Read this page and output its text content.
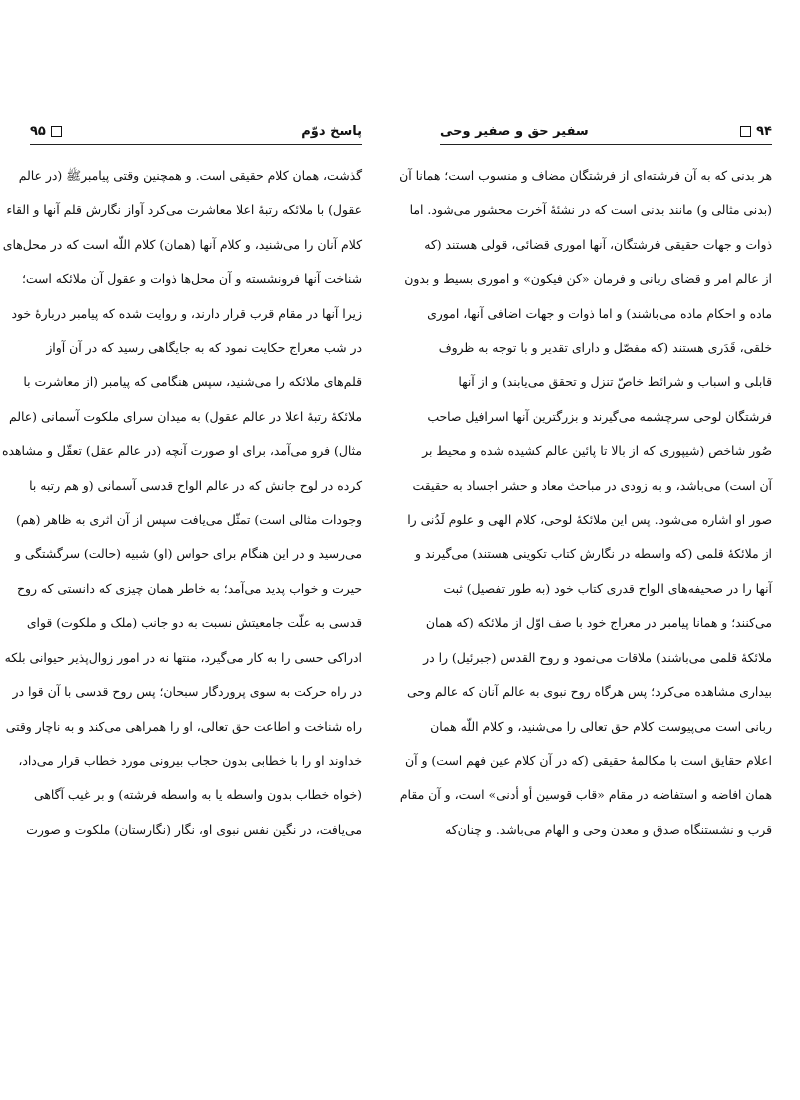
پاسخ دوّم
۹۵
گذشت، همان کلام حقیقی است. و همچنین وقتی پیامبرﷺ (در عالم
عقول) با ملائکه رتبهٔ اعلا معاشرت می‌کرد آواز نگارش قلم آنها و القاء
کلام آنان را می‌شنید، و کلام آنها (همان) کلام اللّه است که در محل‌های
شناخت آنها فرونشسته و آن محل‌ها ذوات و عقول آن ملائکه است؛
زیرا آنها در مقام قرب قرار دارند، و روایت شده که پیامبر دربارهٔ خود
در شب معراج حکایت نمود که به جایگاهی رسید که در آن آواز
قلم‌های ملائکه را می‌شنید، سپس هنگامی که پیامبر (از معاشرت با
ملائکهٔ رتبهٔ اعلا در عالم عقول) به میدان سرای ملکوت آسمانی (عالم
مثال) فرو می‌آمد، برای او صورت آنچه (در عالم عقل) تعقّل و مشاهده
کرده در لوح جانش که در عالم الواح قدسی آسمانی (و هم رتبه با
وجودات مثالی است) تمثّل می‌یافت سپس از آن اثری به ظاهر (هم)
می‌رسید و در این هنگام برای حواس (او) شبیه (حالت) سرگشتگی و
حیرت و خواب پدید می‌آمد؛ به خاطر همان چیزی که دانستی که روح
قدسی به علّت جامعیتش نسبت به دو جانب (ملک و ملکوت) قوای
ادراکی حسی را به کار می‌گیرد، منتها نه در امور زوال‌پذیر حیوانی بلکه
در راه حرکت به سوی پروردگار سبحان؛ پس روح قدسی با آن قوا در
راه شناخت و اطاعت حق تعالی، او را همراهی می‌کند و به ناچار وقتی
خداوند او را با خطابی بدون حجاب بیرونی مورد خطاب قرار می‌داد،
(خواه خطاب بدون واسطه یا به واسطه فرشته) و بر غیب آگاهی
می‌یافت، در نگین نفس نبوی او، نگار (نگارستان) ملکوت و صورت
۹۴
سفیر حق و صفیر وحی
هر بدنی که به آن فرشته‌ای از فرشتگان مضاف و منسوب است؛ همانا آن
(بدنی مثالی و) مانند بدنی است که در نشئهٔ آخرت محشور می‌شود. اما
ذوات و جهات حقیقی فرشتگان، آنها اموری قضائی، قولی هستند (که
از عالم امر و قضای ربانی و فرمان «کن فیکون» و اموری بسیط و بدون
ماده و احکام ماده می‌باشند) و اما ذوات و جهات اضافی آنها، اموری
خلقی، قَدَری هستند (که مفصّل و دارای تقدیر و با توجه به ظروف
قابلی و اسباب و شرائط خاصّ تنزل و تحقق می‌یابند) و از آنها
فرشتگان لوحی سرچشمه می‌گیرند و بزرگترین آنها اسرافیل صاحب
صُور شاخص (شیپوری که از بالا تا پائین عالم کشیده شده و محیط بر
آن است) می‌باشد، و به زودی در مباحث معاد و حشر اجساد به حقیقت
صور او اشاره می‌شود. پس این ملائکهٔ لوحی، کلام الهی و علوم لَدُنی را
از ملائکهٔ قلمی (که واسطه در نگارش کتاب تکوینی هستند) می‌گیرند و
آنها را در صحیفه‌های الواح قدری کتاب خود (به طور تفصیل) ثبت
می‌کنند؛ و همانا پیامبر در معراج خود با صف اوّل از ملائکه (که همان
ملائکهٔ قلمی می‌باشند) ملاقات می‌نمود و روح القدس (جبرئیل) را در
بیداری مشاهده می‌کرد؛ پس هرگاه روح نبوی به عالم آنان که عالم وحی
ربانی است می‌پیوست کلام حق تعالی را می‌شنید، و کلام اللّه همان
اعلام حقایق است با مکالمهٔ حقیقی (که در آن کلام عین فهم است) و آن
همان افاضه و استفاضه در مقام «قاب قوسین أو أدنی» است، و آن مقام
قرب و نشستنگاه صدق و معدن وحی و الهام می‌باشد. و چنان‌که
